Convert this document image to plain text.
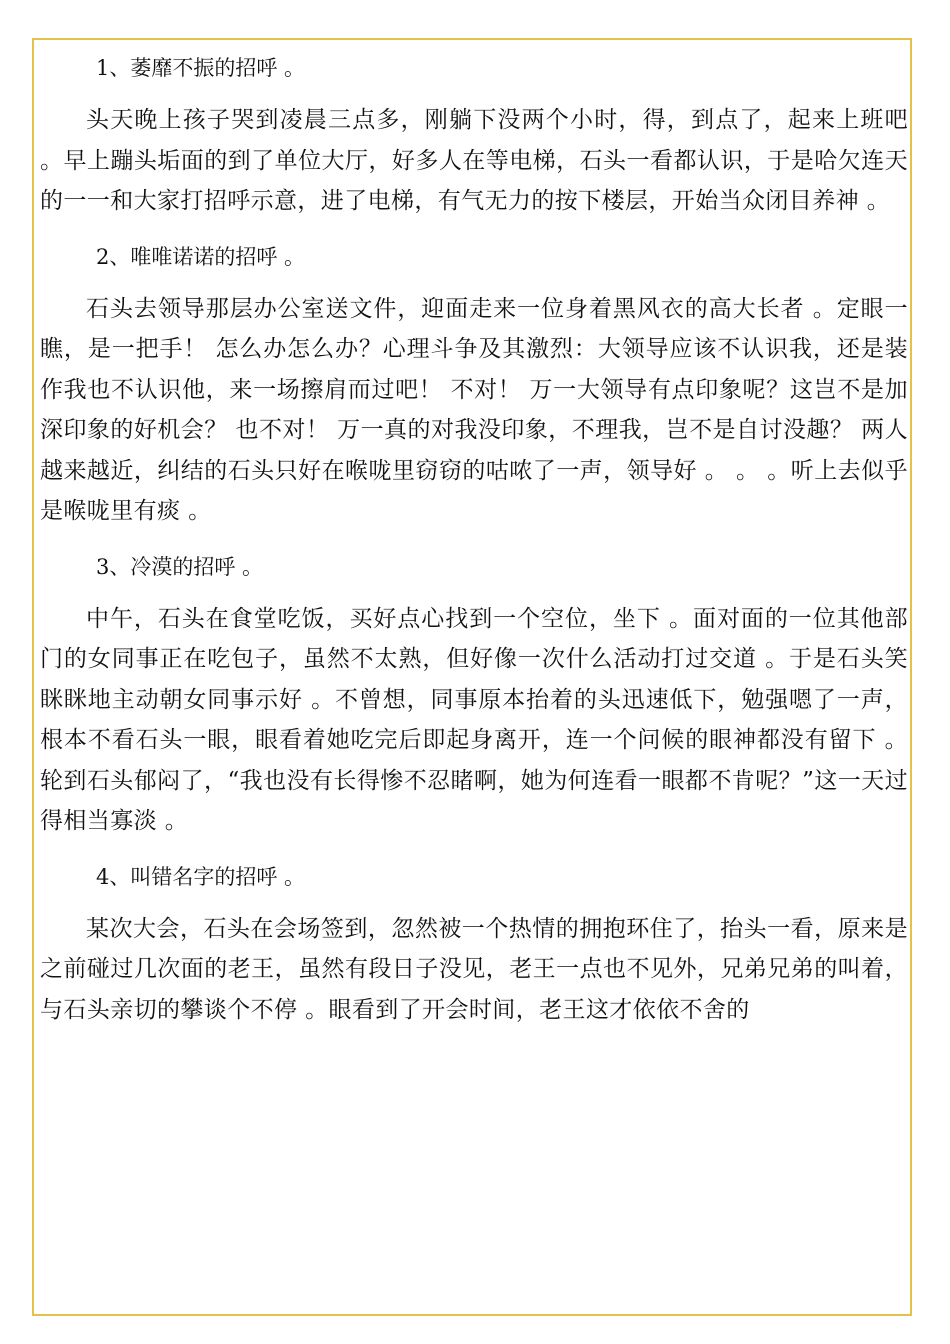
1、萎靡不振的招呼 。
头天晚上孩子哭到凌晨三点多，刚躺下没两个小时，得，到点了，起来上班吧 。早上蹦头垢面的到了单位大厅，好多人在等电梯，石头一看都认识，于是哈欠连天的一一和大家打招呼示意，进了电梯，有气无力的按下楼层，开始当众闭目养神 。
2、唯唯诺诺的招呼 。
石头去领导那层办公室送文件，迎面走来一位身着黑风衣的高大长者 。定眼一瞧，是一把手！ 怎么办怎么办？心理斗争及其激烈：大领导应该不认识我，还是装作我也不认识他，来一场擦肩而过吧！ 不对！ 万一大领导有点印象呢？这岂不是加深印象的好机会？ 也不对！ 万一真的对我没印象，不理我，岂不是自讨没趣？ 两人越来越近，纠结的石头只好在喉咙里窃窃的咕哝了一声，领导好 。 。 。听上去似乎是喉咙里有痰 。
3、冷漠的招呼 。
中午，石头在食堂吃饭，买好点心找到一个空位，坐下 。面对面的一位其他部门的女同事正在吃包子，虽然不太熟，但好像一次什么活动打过交道 。于是石头笑眯眯地主动朝女同事示好 。不曾想，同事原本抬着的头迅速低下，勉强嗯了一声，根本不看石头一眼，眼看着她吃完后即起身离开，连一个问候的眼神都没有留下 。轮到石头郁闷了，“我也没有长得惨不忍睹啊，她为何连看一眼都不肯呢？”这一天过得相当寡淡 。
4、叫错名字的招呼 。
某次大会，石头在会场签到，忽然被一个热情的拥抱环住了，抬头一看，原来是之前碰过几次面的老王，虽然有段日子没见，老王一点也不见外，兄弟兄弟的叫着，与石头亲切的攀谈个不停 。眼看到了开会时间，老王这才依依不舍的
